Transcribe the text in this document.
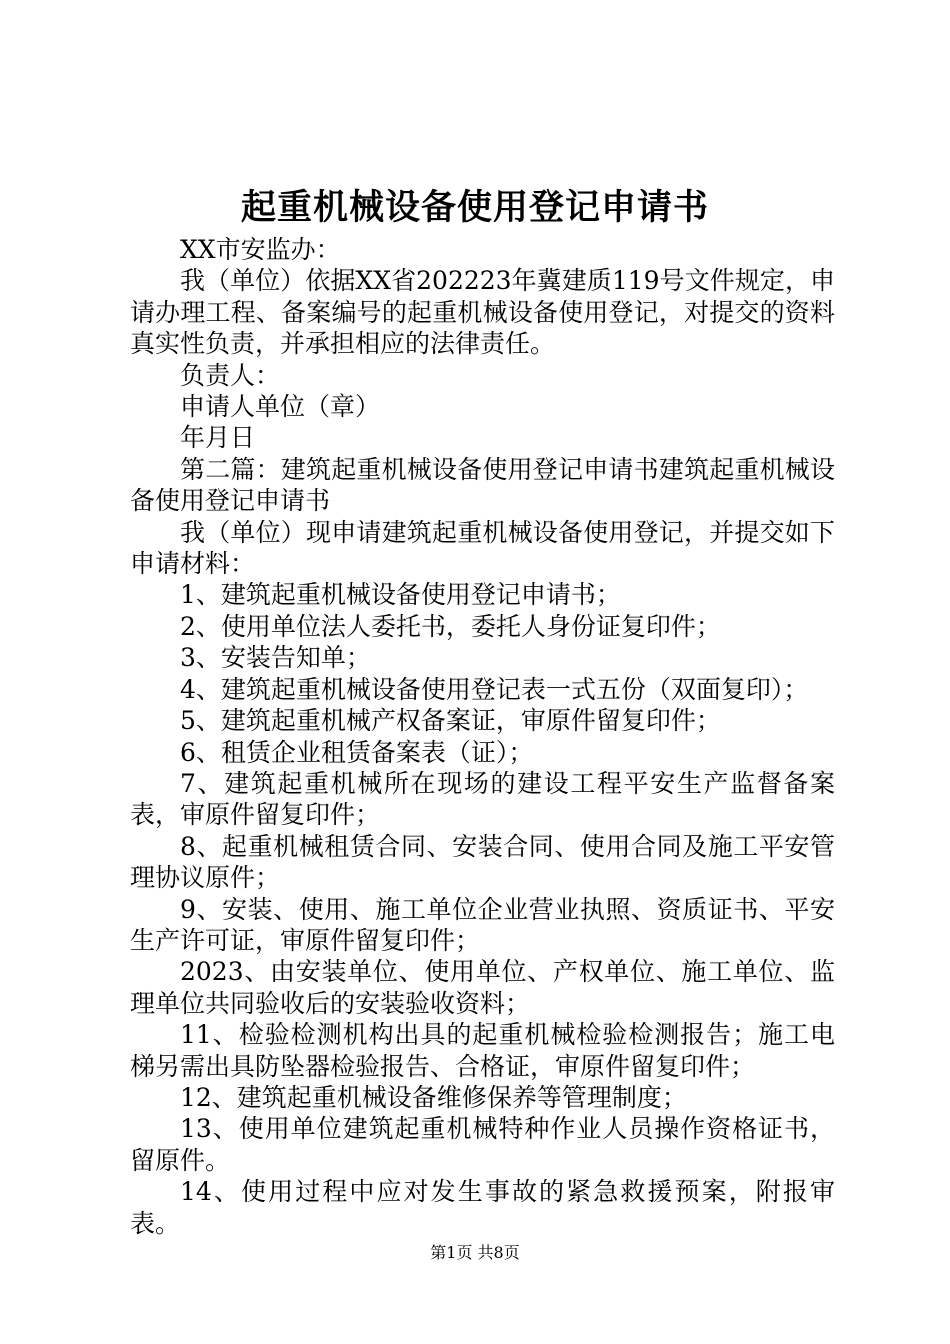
起重机械设备使用登记申请书

XX市安监办：

我（单位）依据XX省202223年冀建质119号文件规定，申请办理工程、备案编号的起重机械设备使用登记，对提交的资料真实性负责，并承担相应的法律责任。

负责人：

申请人单位（章）

年月日

第二篇：建筑起重机械设备使用登记申请书建筑起重机械设备使用登记申请书

我（单位）现申请建筑起重机械设备使用登记，并提交如下申请材料：

1、建筑起重机械设备使用登记申请书；

2、使用单位法人委托书，委托人身份证复印件；

3、安装告知单；

4、建筑起重机械设备使用登记表一式五份（双面复印）；

5、建筑起重机械产权备案证，审原件留复印件；

6、租赁企业租赁备案表（证）；

7、建筑起重机械所在现场的建设工程平安生产监督备案表，审原件留复印件；

8、起重机械租赁合同、安装合同、使用合同及施工平安管理协议原件；

9、安装、使用、施工单位企业营业执照、资质证书、平安生产许可证，审原件留复印件；

2023、由安装单位、使用单位、产权单位、施工单位、监理单位共同验收后的安装验收资料；

11、检验检测机构出具的起重机械检验检测报告；施工电梯另需出具防坠器检验报告、合格证，审原件留复印件；

12、建筑起重机械设备维修保养等管理制度；

13、使用单位建筑起重机械特种作业人员操作资格证书，留原件。

14、使用过程中应对发生事故的紧急救援预案，附报审表。

第1页 共8页
